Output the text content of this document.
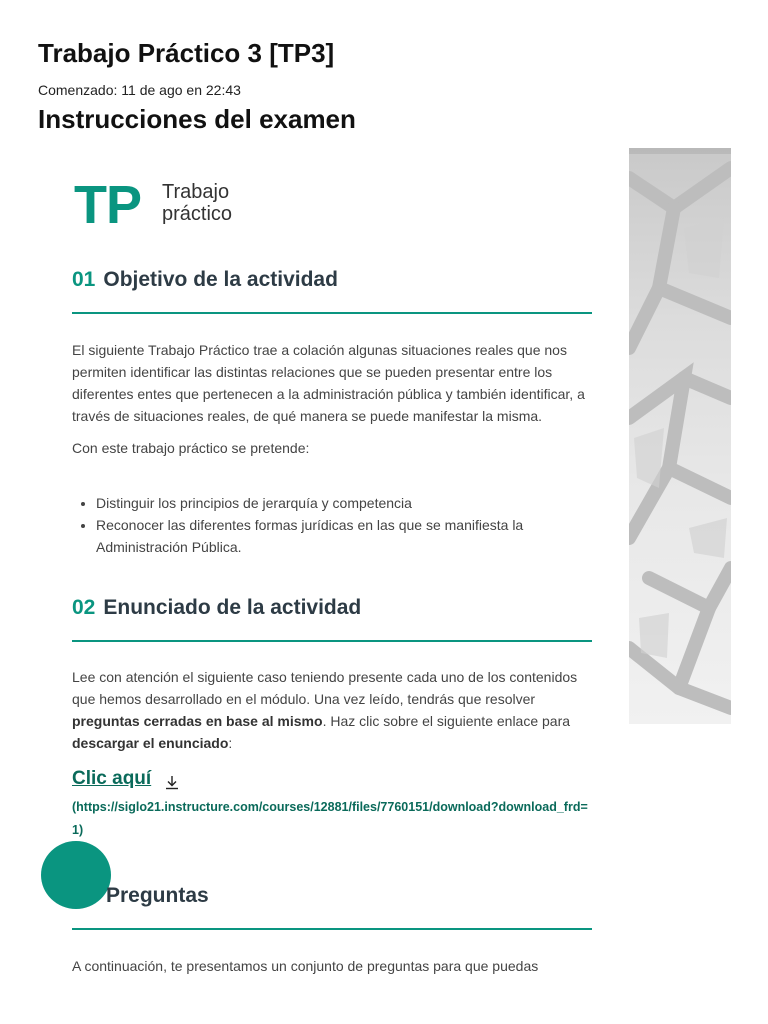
Trabajo Práctico 3 [TP3]
Comenzado: 11 de ago en 22:43
Instrucciones del examen
TP Trabajo
práctico
01 Objetivo de la actividad

El siguiente Trabajo Práctico trae a colación algunas situaciones reales que nos permiten identificar las distintas relaciones que se pueden presentar entre los diferentes entes que pertenecen a la administración pública y también identificar, a través de situaciones reales, de qué manera se puede manifestar la misma.

Con este trabajo práctico se pretende:

• Distinguir los principios de jerarquía y competencia
• Reconocer las diferentes formas jurídicas en las que se manifiesta la Administración Pública.
02 Enunciado de la actividad

Lee con atención el siguiente caso teniendo presente cada uno de los contenidos que hemos desarrollado en el módulo. Una vez leído, tendrás que resolver preguntas cerradas en base al mismo. Haz clic sobre el siguiente enlace para descargar el enunciado:

Clic aquí
(https://siglo21.instructure.com/courses/12881/files/7760151/download?download_frd=1)
Preguntas

A continuación, te presentamos un conjunto de preguntas para que puedas
